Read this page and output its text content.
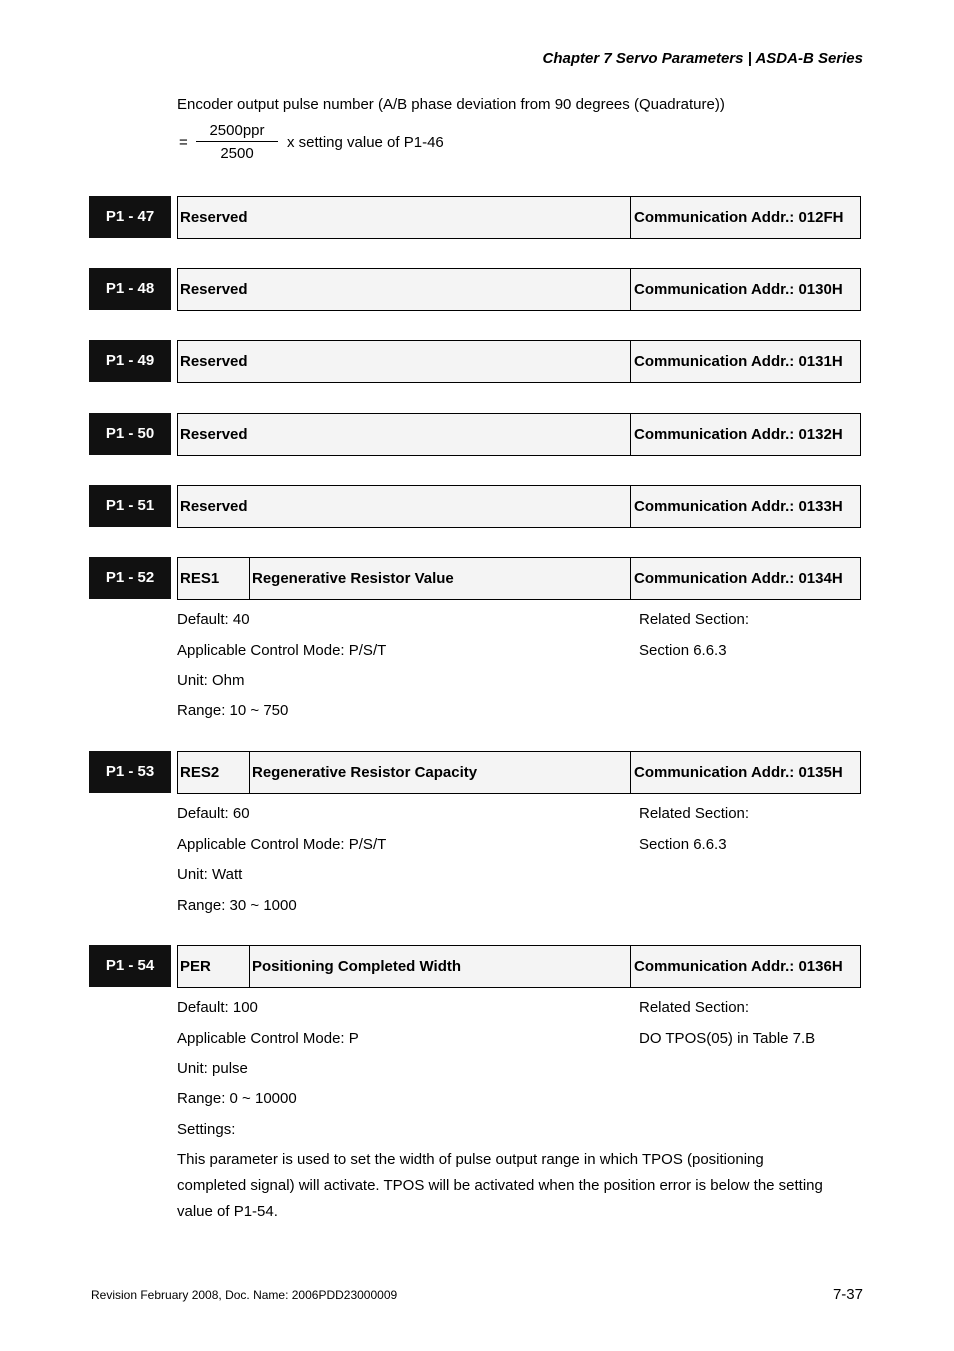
Chapter 7 Servo Parameters | ASDA-B Series
Encoder output pulse number (A/B phase deviation from 90 degrees (Quadrature))
=
2500ppr
2500
x setting value of P1-46
P1 - 47	Reserved	Communication Addr.: 012FH
P1 - 48	Reserved	Communication Addr.: 0130H
P1 - 49	Reserved	Communication Addr.: 0131H
P1 - 50	Reserved	Communication Addr.: 0132H
P1 - 51	Reserved	Communication Addr.: 0133H
P1 - 52	RES1	Regenerative Resistor Value	Communication Addr.: 0134H
Default: 40
Applicable Control Mode: P/S/T
Unit: Ohm
Range: 10 ~ 750
Related Section:
Section 6.6.3
P1 - 53	RES2	Regenerative Resistor Capacity	Communication Addr.: 0135H
Default: 60
Applicable Control Mode: P/S/T
Unit: Watt
Range: 30 ~ 1000
Related Section:
Section 6.6.3
P1 - 54	PER	Positioning Completed Width	Communication Addr.: 0136H
Default: 100
Applicable Control Mode: P
Unit: pulse
Range: 0 ~ 10000
Settings:
Related Section:
DO TPOS(05) in Table 7.B
This parameter is used to set the width of pulse output range in which TPOS (positioning completed signal) will activate. TPOS will be activated when the position error is below the setting value of P1-54.
Revision February 2008, Doc. Name: 2006PDD23000009	7-37
